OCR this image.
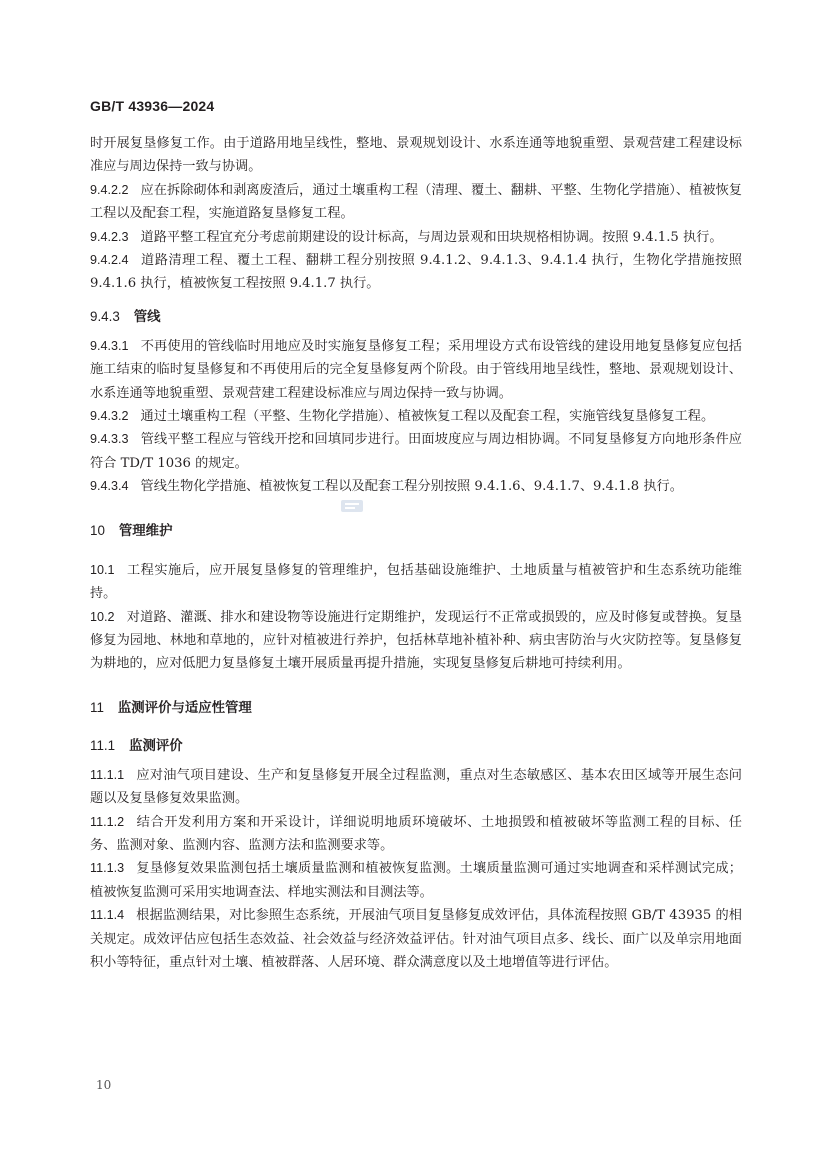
GB/T 43936—2024
时开展复垦修复工作。由于道路用地呈线性，整地、景观规划设计、水系连通等地貌重塑、景观营建工程建设标准应与周边保持一致与协调。
9.4.2.2 应在拆除砌体和剥离废渣后，通过土壤重构工程（清理、覆土、翻耕、平整、生物化学措施）、植被恢复工程以及配套工程，实施道路复垦修复工程。
9.4.2.3 道路平整工程宜充分考虑前期建设的设计标高，与周边景观和田块规格相协调。按照 9.4.1.5 执行。
9.4.2.4 道路清理工程、覆土工程、翻耕工程分别按照 9.4.1.2、9.4.1.3、9.4.1.4 执行，生物化学措施按照 9.4.1.6 执行，植被恢复工程按照 9.4.1.7 执行。
9.4.3 管线
9.4.3.1 不再使用的管线临时用地应及时实施复垦修复工程；采用埋设方式布设管线的建设用地复垦修复应包括施工结束的临时复垦修复和不再使用后的完全复垦修复两个阶段。由于管线用地呈线性，整地、景观规划设计、水系连通等地貌重塑、景观营建工程建设标准应与周边保持一致与协调。
9.4.3.2 通过土壤重构工程（平整、生物化学措施）、植被恢复工程以及配套工程，实施管线复垦修复工程。
9.4.3.3 管线平整工程应与管线开挖和回填同步进行。田面坡度应与周边相协调。不同复垦修复方向地形条件应符合 TD/T 1036 的规定。
9.4.3.4 管线生物化学措施、植被恢复工程以及配套工程分别按照 9.4.1.6、9.4.1.7、9.4.1.8 执行。
10 管理维护
10.1 工程实施后，应开展复垦修复的管理维护，包括基础设施维护、土地质量与植被管护和生态系统功能维持。
10.2 对道路、灌溉、排水和建设物等设施进行定期维护，发现运行不正常或损毁的，应及时修复或替换。复垦修复为园地、林地和草地的，应针对植被进行养护，包括林草地补植补种、病虫害防治与火灾防控等。复垦修复为耕地的，应对低肥力复垦修复土壤开展质量再提升措施，实现复垦修复后耕地可持续利用。
11 监测评价与适应性管理
11.1 监测评价
11.1.1 应对油气项目建设、生产和复垦修复开展全过程监测，重点对生态敏感区、基本农田区域等开展生态问题以及复垦修复效果监测。
11.1.2 结合开发利用方案和开采设计，详细说明地质环境破坏、土地损毁和植被破坏等监测工程的目标、任务、监测对象、监测内容、监测方法和监测要求等。
11.1.3 复垦修复效果监测包括土壤质量监测和植被恢复监测。土壤质量监测可通过实地调查和采样测试完成；植被恢复监测可采用实地调查法、样地实测法和目测法等。
11.1.4 根据监测结果，对比参照生态系统，开展油气项目复垦修复成效评估，具体流程按照 GB/T 43935 的相关规定。成效评估应包括生态效益、社会效益与经济效益评估。针对油气项目点多、线长、面广以及单宗用地面积小等特征，重点针对土壤、植被群落、人居环境、群众满意度以及土地增值等进行评估。
10
